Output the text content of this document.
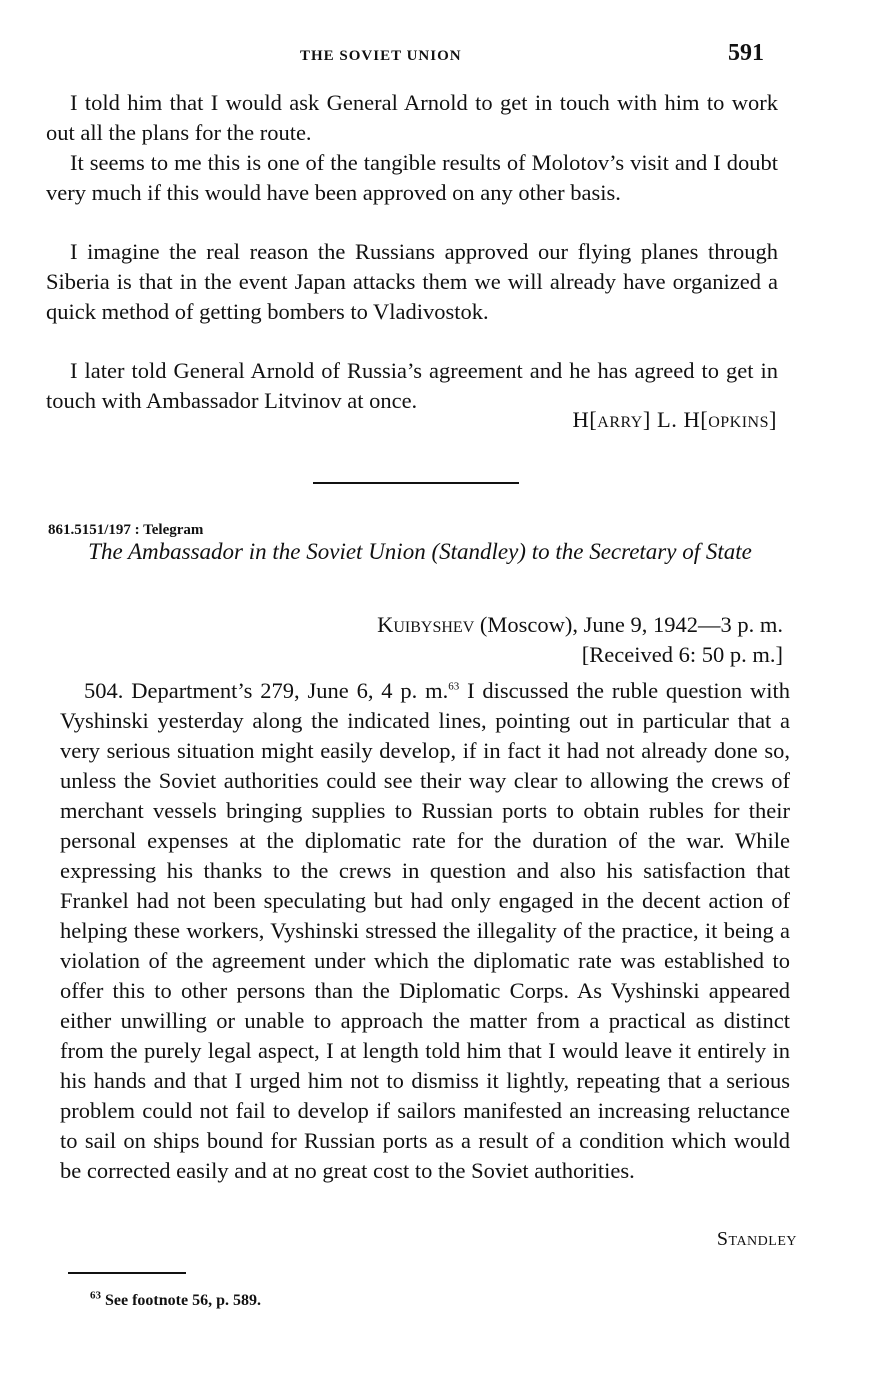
THE SOVIET UNION	591

I told him that I would ask General Arnold to get in touch with him to work out all the plans for the route.

It seems to me this is one of the tangible results of Molotov’s visit and I doubt very much if this would have been approved on any other basis.

I imagine the real reason the Russians approved our flying planes through Siberia is that in the event Japan attacks them we will already have organized a quick method of getting bombers to Vladivostok.

I later told General Arnold of Russia’s agreement and he has agreed to get in touch with Ambassador Litvinov at once.

H[arry] L. H[opkins]
861.5151/197 : Telegram
The Ambassador in the Soviet Union (Standley) to the Secretary of State
Kuibyshev (Moscow), June 9, 1942—3 p. m.
[Received 6: 50 p. m.]

504. Department’s 279, June 6, 4 p. m.$^{63}$ I discussed the ruble question with Vyshinski yesterday along the indicated lines, pointing out in particular that a very serious situation might easily develop, if in fact it had not already done so, unless the Soviet authorities could see their way clear to allowing the crews of merchant vessels bringing supplies to Russian ports to obtain rubles for their personal expenses at the diplomatic rate for the duration of the war. While expressing his thanks to the crews in question and also his satisfaction that Frankel had not been speculating but had only engaged in the decent action of helping these workers, Vyshinski stressed the illegality of the practice, it being a violation of the agreement under which the diplomatic rate was established to offer this to other persons than the Diplomatic Corps. As Vyshinski appeared either unwilling or unable to approach the matter from a practical as distinct from the purely legal aspect, I at length told him that I would leave it entirely in his hands and that I urged him not to dismiss it lightly, repeating that a serious problem could not fail to develop if sailors manifested an increasing reluctance to sail on ships bound for Russian ports as a result of a condition which would be corrected easily and at no great cost to the Soviet authorities.

Standley
$^{63}$ See footnote 56, p. 589.
